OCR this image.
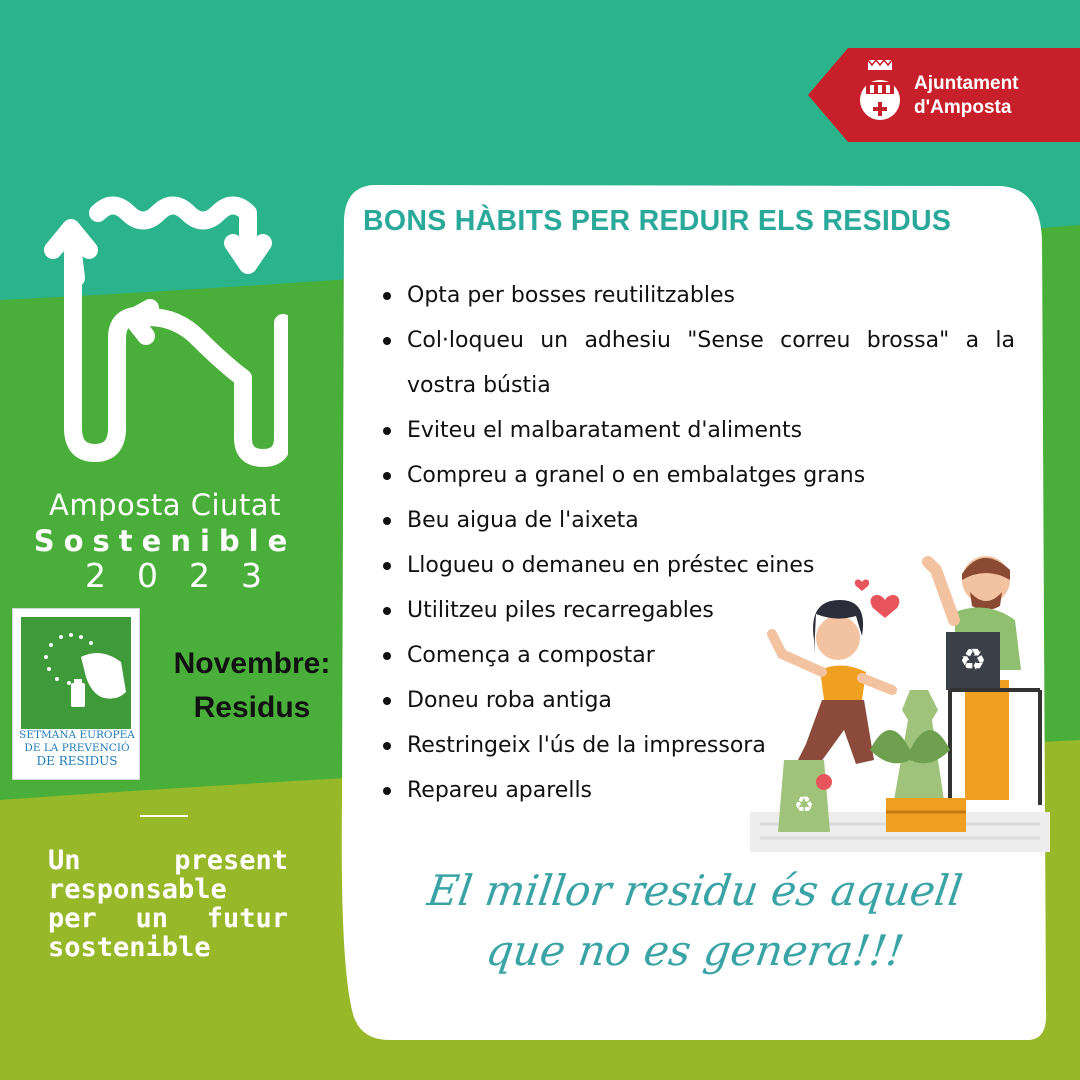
Ajuntament
d'Amposta
Amposta Ciutat
Sostenible
2023
SETMANA EUROPEA
DE LA PREVENCIÓ
DE RESIDUS
Novembre:
Residus
Un present
responsable
per un futur
sostenible
BONS HÀBITS PER REDUIR ELS RESIDUS
Opta per bosses reutilitzables
Col·loqueu un adhesiu "Sense correu brossa" a la vostra bústia
Eviteu el malbaratament d'aliments
Compreu a granel o en embalatges grans
Beu aigua de l'aixeta
Llogueu o demaneu en préstec eines
Utilitzeu piles recarregables
Comença a compostar
Doneu roba antiga
Restringeix l'ús de la impressora
Repareu aparells
♻
♻
El millor residu és aquell
que no es genera!!!
